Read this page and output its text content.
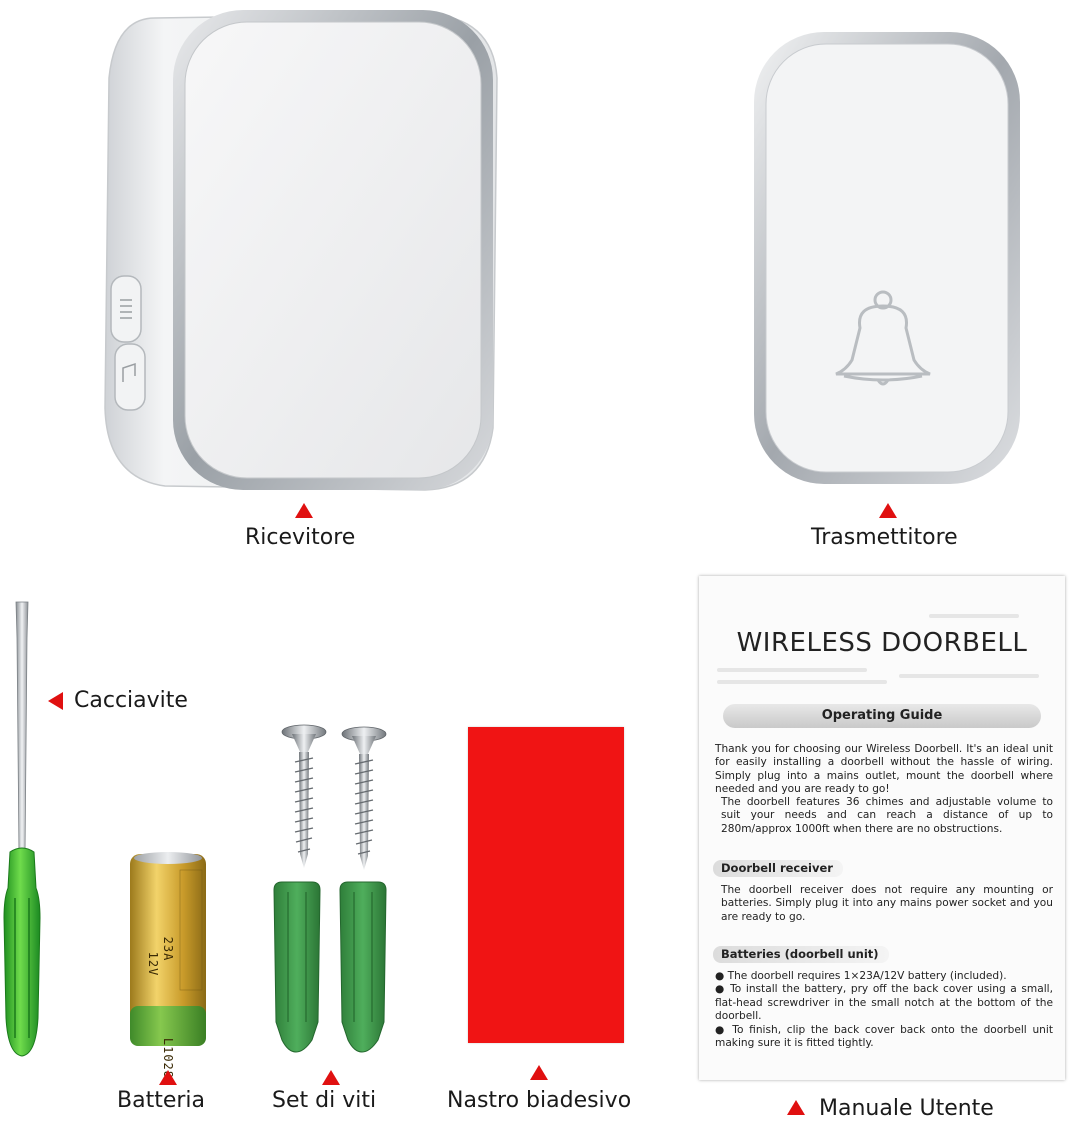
Ricevitore	Trasmettitore
Cacciavite
23A
12V
L1028
Batteria	Set di viti	Nastro biadesivo
WIRELESS DOORBELL
Operating Guide
Thank you for choosing our Wireless Doorbell. It's an ideal unit for easily installing a doorbell without the hassle of wiring. Simply plug into a mains outlet, mount the doorbell where needed and you are ready to go!
The doorbell features 36 chimes and adjustable volume to suit your needs and can reach a distance of up to 280m/approx 1000ft when there are no obstructions.
Doorbell receiver
The doorbell receiver does not require any mounting or batteries. Simply plug it into any mains power socket and you are ready to go.
Batteries (doorbell unit)
● The doorbell requires 1×23A/12V battery (included).
● To install the battery, pry off the back cover using a small, flat-head screwdriver in the small notch at the bottom of the doorbell.
● To finish, clip the back cover back onto the doorbell unit making sure it is fitted tightly.
Manuale Utente
